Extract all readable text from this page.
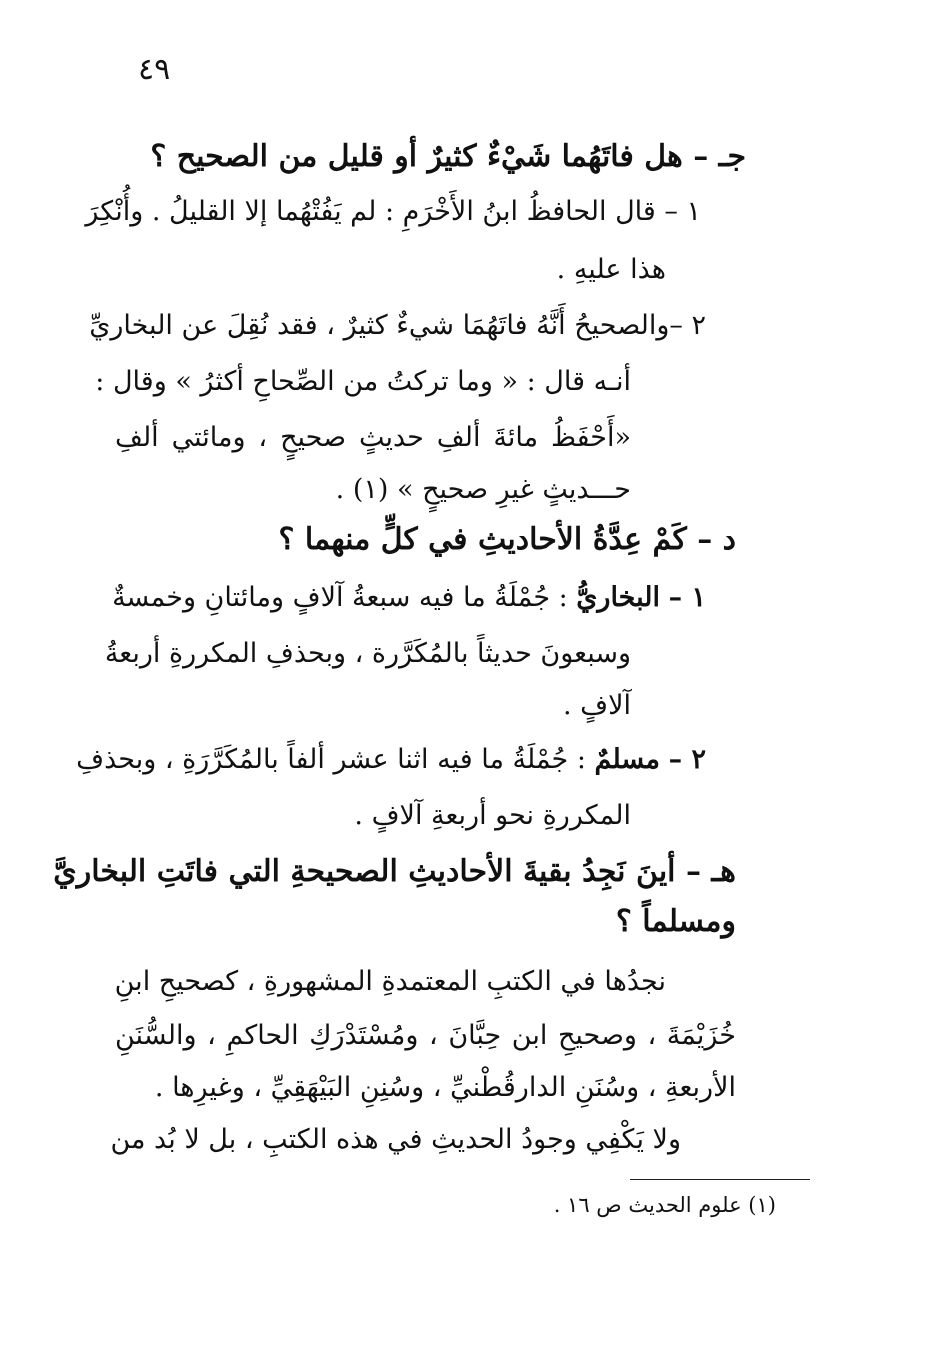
٤٩
جـ – هل فاتَهُما شَيْءٌ كثيرٌ أو قليل من الصحيح ؟
١ – قال الحافظُ ابنُ الأَخْرَمِ : لم يَفُتْهُما إلا القليلُ . وأُنْكِرَ
هذا عليهِ .
٢ –والصحيحُ أَنَّهُ فاتَهُمَا شيءٌ كثيرٌ ، فقد نُقِلَ عن البخاريِّ
أنـه قال : « وما تركتُ من الصِّحاحِ أكثرُ » وقال :
«أَحْفَظُ مائةَ ألفِ حديثٍ صحيحٍ ، ومائتي ألفِ
حـــديثٍ غيرِ صحيحٍ » (١) .
د – كَمْ عِدَّةُ الأحاديثِ في كلٍّ منهما ؟
١ – البخاريُّ : جُمْلَةُ ما فيه سبعةُ آلافٍ ومائتانِ وخمسةٌ
وسبعونَ حديثاً بالمُكَرَّرة ، وبحذفِ المكررةِ أربعةُ
آلافٍ .
٢ – مسلمٌ : جُمْلَةُ ما فيه اثنا عشر ألفاً بالمُكَرَّرَةِ ، وبحذفِ
المكررةِ نحو أربعةِ آلافٍ .
هـ – أينَ نَجِدُ بقيةَ الأحاديثِ الصحيحةِ التي فاتَتِ البخاريَّ
ومسلماً ؟
نجدُها في الكتبِ المعتمدةِ المشهورةِ ، كصحيحِ ابنِ
خُزَيْمَةَ ، وصحيحِ ابن حِبَّانَ ، ومُسْتَدْرَكِ الحاكمِ ، والسُّنَنِ
الأربعةِ ، وسُنَنِ الدارقُطْنيِّ ، وسُنِنِ البَيْهَقِيِّ ، وغيرِها .
ولا يَكْفِي وجودُ الحديثِ في هذه الكتبِ ، بل لا بُد من
(١) علوم الحديث ص ١٦ .
